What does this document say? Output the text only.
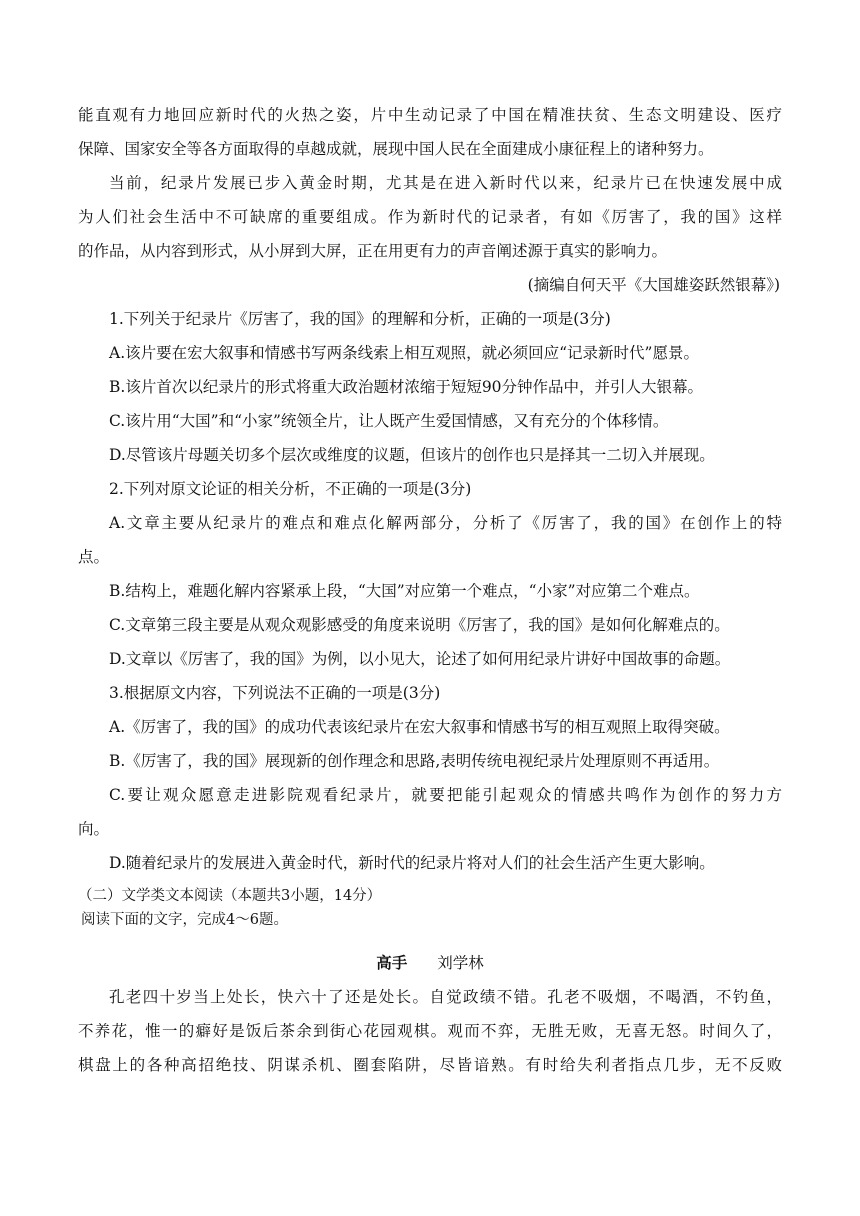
能直观有力地回应新时代的火热之姿，片中生动记录了中国在精准扶贫、生态文明建设、医疗
保障、国家安全等各方面取得的卓越成就，展现中国人民在全面建成小康征程上的诸种努力。
当前，纪录片发展已步入黄金时期，尤其是在进入新时代以来，纪录片已在快速发展中成
为人们社会生活中不可缺席的重要组成。作为新时代的记录者，有如《厉害了，我的国》这样
的作品，从内容到形式，从小屏到大屏，正在用更有力的声音阐述源于真实的影响力。
(摘编自何天平《大国雄姿跃然银幕》)
1.下列关于纪录片《厉害了，我的国》的理解和分析，正确的一项是(3分)
A.该片要在宏大叙事和情感书写两条线索上相互观照，就必须回应“记录新时代”愿景。
B.该片首次以纪录片的形式将重大政治题材浓缩于短短90分钟作品中，并引人大银幕。
C.该片用“大国”和“小家”统领全片，让人既产生爱国情感，又有充分的个体移情。
D.尽管该片母题关切多个层次或维度的议题，但该片的创作也只是择其一二切入并展现。
2.下列对原文论证的相关分析，不正确的一项是(3分)
A.文章主要从纪录片的难点和难点化解两部分，分析了《厉害了，我的国》在创作上的特
点。
B.结构上，难题化解内容紧承上段，“大国”对应第一个难点，“小家”对应第二个难点。
C.文章第三段主要是从观众观影感受的角度来说明《厉害了，我的国》是如何化解难点的。
D.文章以《厉害了，我的国》为例，以小见大，论述了如何用纪录片讲好中国故事的命题。
3.根据原文内容，下列说法不正确的一项是(3分)
A.《厉害了，我的国》的成功代表该纪录片在宏大叙事和情感书写的相互观照上取得突破。
B.《厉害了，我的国》展现新的创作理念和思路,表明传统电视纪录片处理原则不再适用。
C.要让观众愿意走进影院观看纪录片，就要把能引起观众的情感共鸣作为创作的努力方
向。
D.随着纪录片的发展进入黄金时代，新时代的纪录片将对人们的社会生活产生更大影响。
（二）文学类文本阅读（本题共3小题，14分）
阅读下面的文字，完成4～6题。
高手 刘学林
孔老四十岁当上处长，快六十了还是处长。自觉政绩不错。孔老不吸烟，不喝酒，不钓鱼，
不养花，惟一的癖好是饭后茶余到街心花园观棋。观而不弈，无胜无败，无喜无怒。时间久了，
棋盘上的各种高招绝技、阴谋杀机、圈套陷阱，尽皆谙熟。有时给失利者指点几步，无不反败
